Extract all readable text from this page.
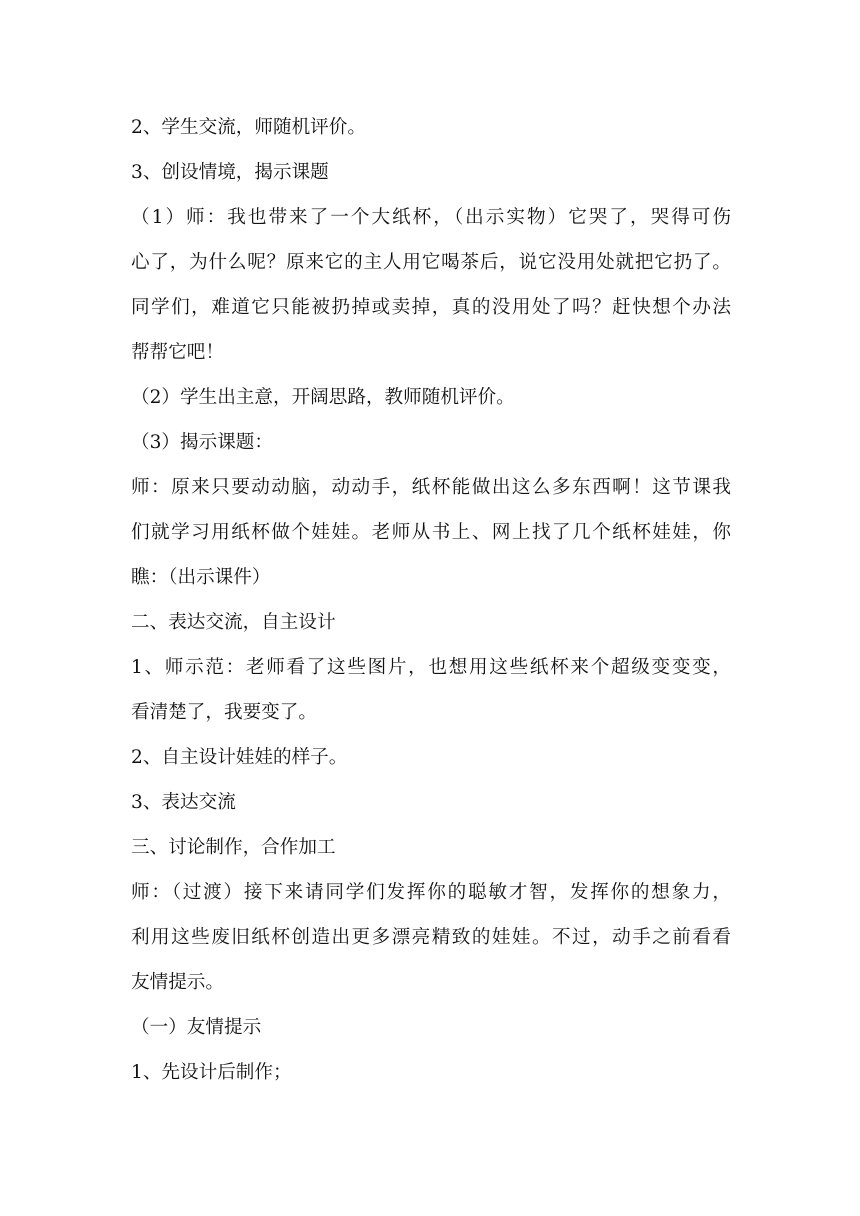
2、学生交流，师随机评价。
3、创设情境，揭示课题
（1）师：我也带来了一个大纸杯，（出示实物）它哭了，哭得可伤
心了，为什么呢？原来它的主人用它喝茶后，说它没用处就把它扔了。
同学们，难道它只能被扔掉或卖掉，真的没用处了吗？赶快想个办法
帮帮它吧！
（2）学生出主意，开阔思路，教师随机评价。
（3）揭示课题：
师：原来只要动动脑，动动手，纸杯能做出这么多东西啊！这节课我
们就学习用纸杯做个娃娃。老师从书上、网上找了几个纸杯娃娃，你
瞧：（出示课件）
二、表达交流，自主设计
1、师示范：老师看了这些图片，也想用这些纸杯来个超级变变变，
看清楚了，我要变了。
2、自主设计娃娃的样子。
3、表达交流
三、讨论制作，合作加工
师：（过渡）接下来请同学们发挥你的聪敏才智，发挥你的想象力，
利用这些废旧纸杯创造出更多漂亮精致的娃娃。不过，动手之前看看
友情提示。
（一）友情提示
1、先设计后制作；
